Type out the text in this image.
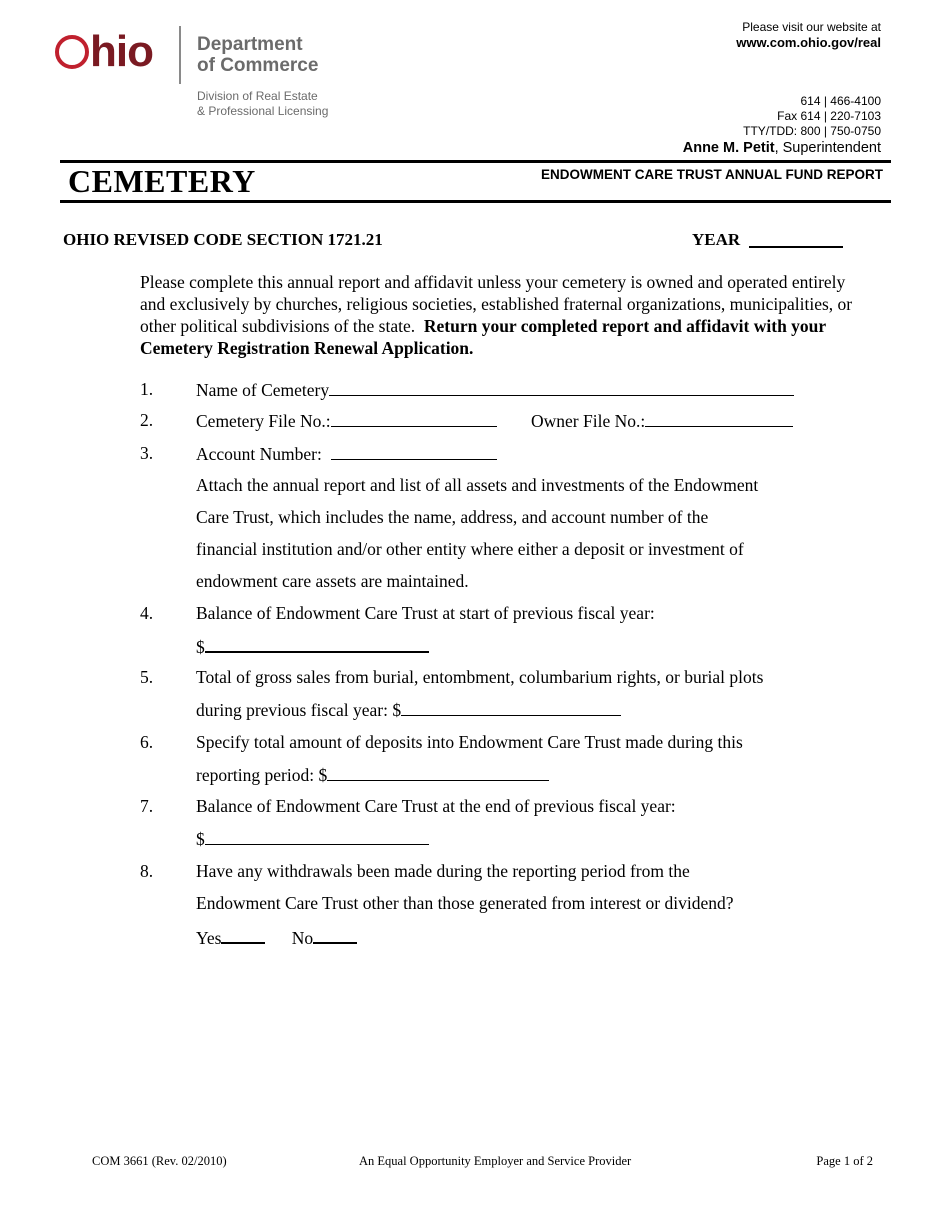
hio Department
of Commerce
Division of Real Estate
& Professional Licensing
Please visit our website at
www.com.ohio.gov/real
614 | 466-4100
Fax 614 | 220-7103
TTY/TDD: 800 | 750-0750
Anne M. Petit, Superintendent
CEMETERY	ENDOWMENT CARE TRUST ANNUAL FUND REPORT
OHIO REVISED CODE SECTION 1721.21	YEAR
Please complete this annual report and affidavit unless your cemetery is owned and operated entirely and exclusively by churches, religious societies, established fraternal organizations, municipalities, or other political subdivisions of the state. Return your completed report and affidavit with your Cemetery Registration Renewal Application.
1. Name of Cemetery
2. Cemetery File No.:	Owner File No.:
3. Account Number:
Attach the annual report and list of all assets and investments of the Endowment
Care Trust, which includes the name, address, and account number of the
financial institution and/or other entity where either a deposit or investment of
endowment care assets are maintained.
4. Balance of Endowment Care Trust at start of previous fiscal year:
$
5. Total of gross sales from burial, entombment, columbarium rights, or burial plots
during previous fiscal year: $
6. Specify total amount of deposits into Endowment Care Trust made during this
reporting period: $
7. Balance of Endowment Care Trust at the end of previous fiscal year:
$
8. Have any withdrawals been made during the reporting period from the
Endowment Care Trust other than those generated from interest or dividend?
Yes	No
COM 3661 (Rev. 02/2010)	An Equal Opportunity Employer and Service Provider	Page 1 of 2
